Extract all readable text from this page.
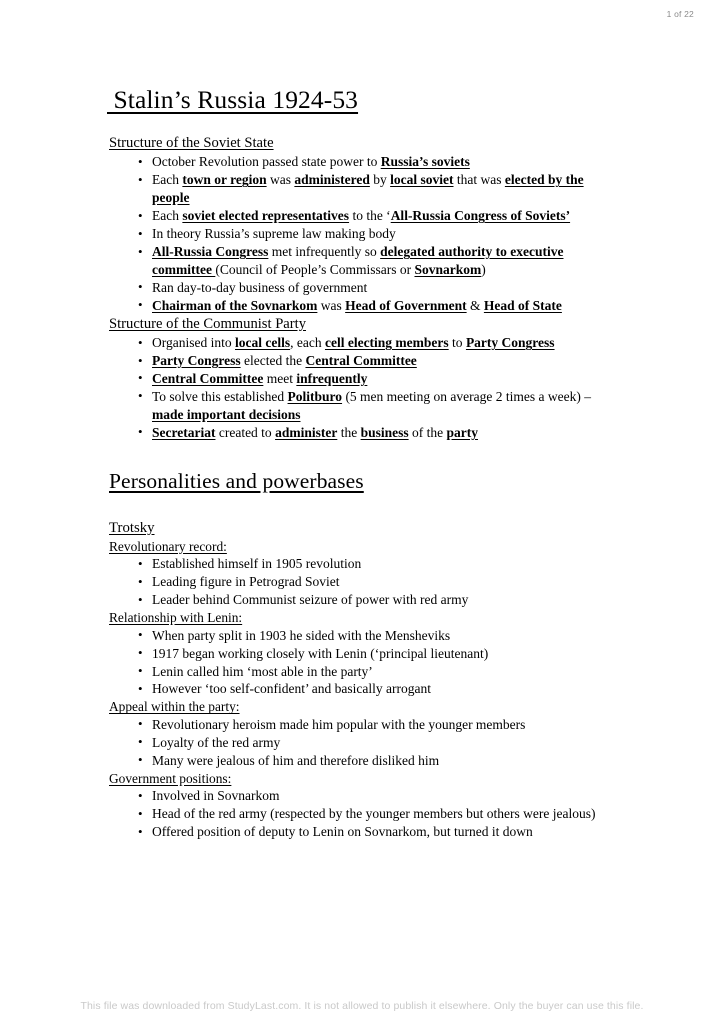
1 of 22
Stalin’s Russia 1924-53
Structure of the Soviet State
• October Revolution passed state power to Russia’s soviets
• Each town or region was administered by local soviet that was elected by the people
• Each soviet elected representatives to the ‘All-Russia Congress of Soviets’
• In theory Russia’s supreme law making body
• All-Russia Congress met infrequently so delegated authority to executive committee (Council of People’s Commissars or Sovnarkom)
• Ran day-to-day business of government
• Chairman of the Sovnarkom was Head of Government & Head of State
Structure of the Communist Party
• Organised into local cells, each cell electing members to Party Congress
• Party Congress elected the Central Committee
• Central Committee meet infrequently
• To solve this established Politburo (5 men meeting on average 2 times a week) – made important decisions
• Secretariat created to administer the business of the party
Personalities and powerbases
Trotsky
Revolutionary record:
• Established himself in 1905 revolution
• Leading figure in Petrograd Soviet
• Leader behind Communist seizure of power with red army
Relationship with Lenin:
• When party split in 1903 he sided with the Mensheviks
• 1917 began working closely with Lenin (‘principal lieutenant)
• Lenin called him ‘most able in the party’
• However ‘too self-confident’ and basically arrogant
Appeal within the party:
• Revolutionary heroism made him popular with the younger members
• Loyalty of the red army
• Many were jealous of him and therefore disliked him
Government positions:
• Involved in Sovnarkom
• Head of the red army (respected by the younger members but others were jealous)
• Offered position of deputy to Lenin on Sovnarkom, but turned it down
This file was downloaded from StudyLast.com. It is not allowed to publish it elsewhere. Only the buyer can use this file.
